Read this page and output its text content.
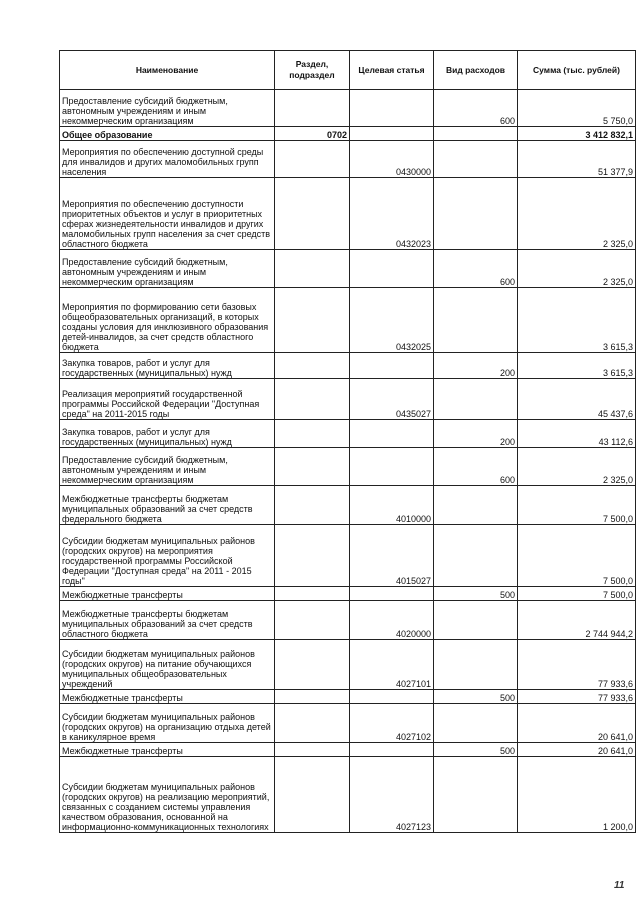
Наименование	Раздел, подраздел	Целевая статья	Вид расходов	Сумма (тыс. рублей)
Предоставление субсидий бюджетным, автономным учреждениям и иным некоммерческим организациям			600	5 750,0
Общее образование	0702			3 412 832,1
Мероприятия по обеспечению доступной среды для инвалидов и других маломобильных групп населения		0430000		51 377,9
Мероприятия по обеспечению доступности приоритетных объектов и услуг в приоритетных сферах жизнедеятельности инвалидов и других маломобильных групп населения за счет средств областного бюджета		0432023		2 325,0
Предоставление субсидий бюджетным, автономным учреждениям и иным некоммерческим организациям			600	2 325,0
Мероприятия по формированию сети базовых общеобразовательных организаций, в которых созданы условия для инклюзивного образования детей-инвалидов, за счет средств областного бюджета		0432025		3 615,3
Закупка товаров, работ и услуг для государственных (муниципальных) нужд			200	3 615,3
Реализация мероприятий государственной программы Российской Федерации "Доступная среда" на 2011-2015 годы		0435027		45 437,6
Закупка товаров, работ и услуг для государственных (муниципальных) нужд			200	43 112,6
Предоставление субсидий бюджетным, автономным учреждениям и иным некоммерческим организациям			600	2 325,0
Межбюджетные трансферты бюджетам муниципальных образований за счет средств федерального бюджета		4010000		7 500,0
Субсидии бюджетам муниципальных районов (городских округов) на мероприятия государственной программы Российской Федерации "Доступная среда" на 2011 - 2015 годы"		4015027		7 500,0
Межбюджетные трансферты			500	7 500,0
Межбюджетные трансферты бюджетам муниципальных образований за счет средств областного бюджета		4020000		2 744 944,2
Субсидии бюджетам муниципальных районов (городских округов) на питание обучающихся муниципальных общеобразовательных учреждений		4027101		77 933,6
Межбюджетные трансферты			500	77 933,6
Субсидии бюджетам муниципальных районов (городских округов) на организацию отдыха детей в каникулярное время		4027102		20 641,0
Межбюджетные трансферты			500	20 641,0
Субсидии бюджетам муниципальных районов (городских округов) на реализацию мероприятий, связанных с созданием системы управления качеством образования, основанной на информационно-коммуникационных технологиях		4027123		1 200,0
11
